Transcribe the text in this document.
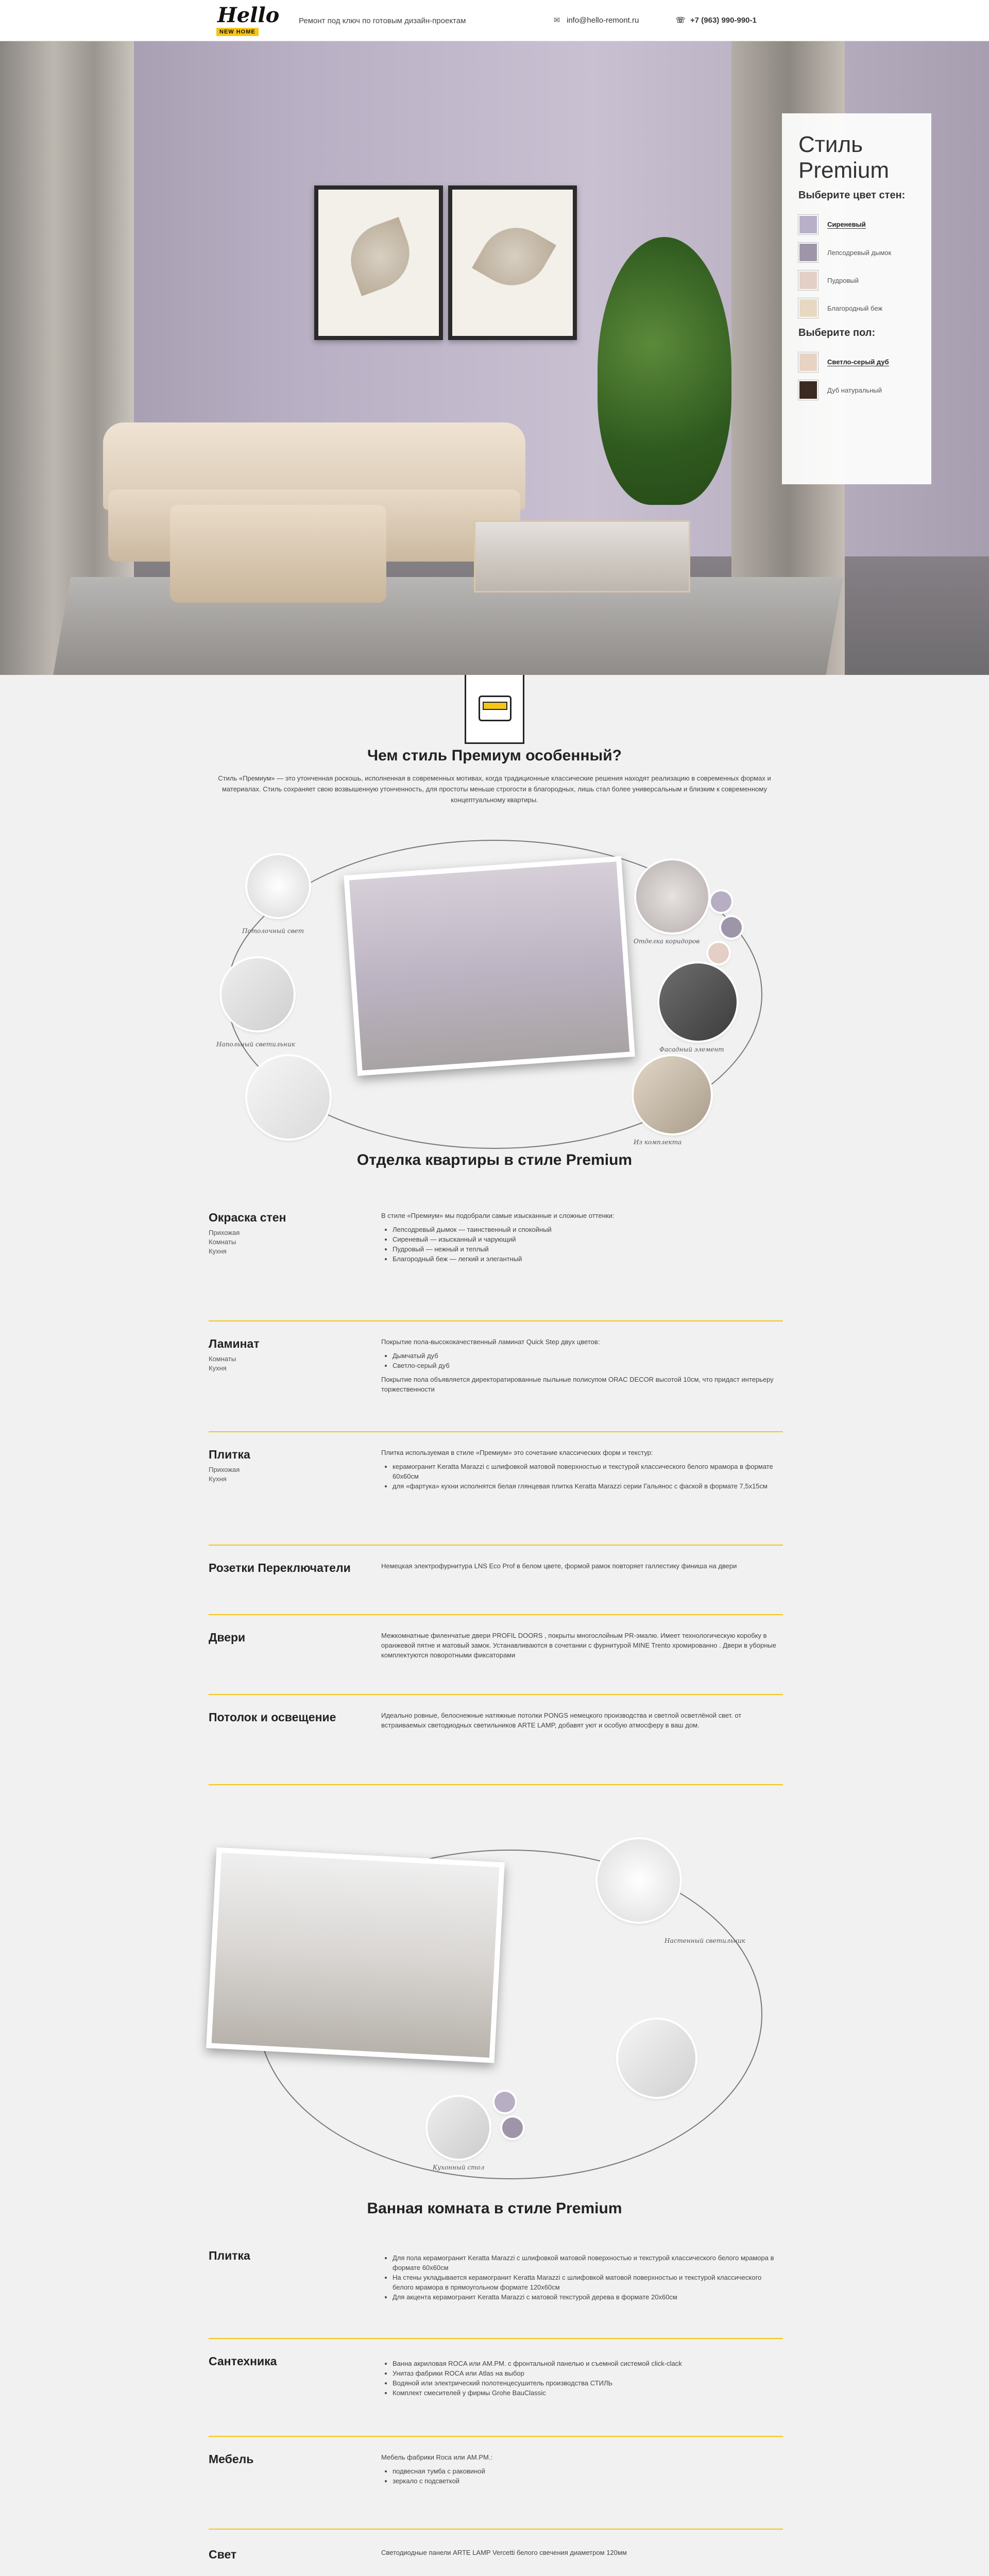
Hello
NEW HOME
Ремонт под ключ по готовым дизайн-проектам	✉ info@hello-remont.ru	☏ +7 (963) 990-990-1
Стиль Premium
Выберите цвет стен:
Сиреневый
Лепсодревый дымок
Пудровый
Благородный беж
Выберите пол:
Светло-серый дуб
Дуб натуральный
Чем стиль Премиум особенный?
Стиль «Премиум» — это утонченная роскошь, исполненная в современных мотивах, когда традиционные классические решения находят реализацию в современных формах и материалах. Стиль сохраняет свою возвышенную утонченность, для простоты меньше строгости в благородных, лишь стал более универсальным и близким к современному концептуальному квартиры.
Потолочный свет
Напольный светильник
Отделка коридоров
Фасадный элемент
Из комплекта
Отделка квартиры в стиле Premium
Окраска стен
Прихожая
Комнаты
Кухня

В стиле «Премиум» мы подобрали самые изысканные и сложные оттенки:

• Лепсодревый дымок — таинственный и спокойный
• Сиреневый — изысканный и чарующий
• Пудровый — нежный и теплый
• Благородный беж — легкий и элегантный
Ламинат
Комнаты
Кухня

Покрытие пола-высококачественный ламинат Quick Step двух цветов:

• Дымчатый дуб
• Светло-серый дуб

Покрытие пола объявляется директоратированные пыльные полисупом ORAC DECOR высотой 10см, что придаст интерьеру торжественности

Плитка
Прихожая
Кухня

Плитка используемая в стиле «Премиум» это сочетание классических форм и текстур:

• керамогранит Keratta Marazzi с шлифовкой матовой поверхностью и текстурой классического белого мрамора в формате 60х60см
• для «фартука» кухни исполнятся белая глянцевая плитка Keratta Marazzi серии Гальянос с фаской в формате 7,5х15см
Розетки Переключатели	Немецкая электрофурнитура LNS Eco Prof в белом цвете, формой рамок повторяет галлестику финиша на двери

Двери	Межкомнатные филенчатые двери PROFIL DOORS , покрыты многослойным PR-эмалю. Имеет технологическую коробку в оранжевой пятне и матовый замок. Устанавливаются в сочетании с фурнитурой MINE Trento хромированно . Двери в уборные комплектуются поворотными фиксаторами

Потолок и освещение	Идеально ровные, белоснежные натяжные потолки PONGS немецкого производства и светлой осветлёной свет. от встраиваемых светодиодных светильников ARTE LAMP, добавят уют и особую атмосферу в ваш дом.

Настенный светильник
Кухонный стол
Ванная комната в стиле Premium
Плитка	• Для пола керамогранит Keratta Marazzi с шлифовкой матовой поверхностью и текстурой классического белого мрамора в формате 60х60см
• На стены укладывается керамогранит Keratta Marazzi с шлифовкой матовой поверхностью и текстурой классического белого мрамора в прямоугольном формате 120х60см
• Для акцента керамогранит Keratta Marazzi с матовой текстурой дерева в формате 20х60см
Сантехника	• Ванна акриловая ROCA или AM.PM. с фронтальной панелью и съемной системой click-clack
• Унитаз фабрики ROCA или Atlas на выбор
• Водяной или электрический полотенцесушитель производства СТИЛЬ
• Комплект смесителей у фирмы Grohe BauClassic
Мебель	Мебель фабрики Roca или AM.PM.:

• подвесная тумба с раковиной
• зеркало с подсветкой
Свет	Светодиодные панели ARTE LAMP Vercetti белого свечения диаметром 120мм
